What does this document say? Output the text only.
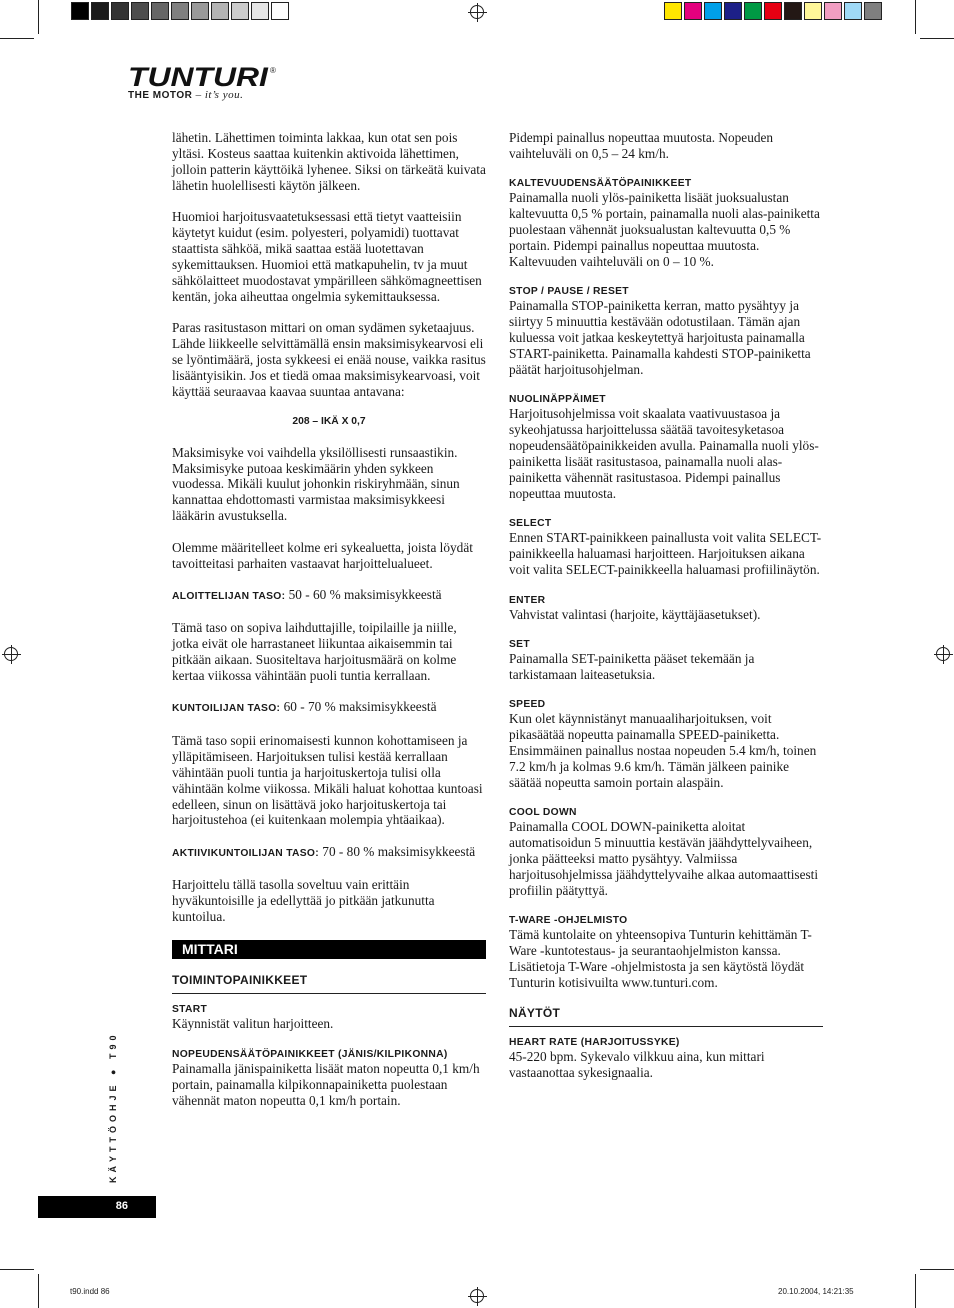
TUNTURI ®
THE MOTOR – it’s you.

lähetin. Lähettimen toiminta lakkaa, kun otat sen pois yltäsi. Kosteus saattaa kuitenkin aktivoida lähettimen, jolloin patterin käyttöikä lyhenee. Siksi on tärkeätä kuivata lähetin huolellisesti käytön jälkeen.

Huomioi harjoitusvaatetuksessasi että tietyt vaatteisiin käytetyt kuidut (esim. polyesteri, polyamidi) tuottavat staattista sähköä, mikä saattaa estää luotettavan sykemittauksen. Huomioi että matkapuhelin, tv ja muut sähkölaitteet muodostavat ympärilleen sähkömagneettisen kentän, joka aiheuttaa ongelmia sykemittauksessa.

Paras rasitustason mittari on oman sydämen syketaajuus. Lähde liikkeelle selvittämällä ensin maksimisykearvosi eli se lyöntimäärä, josta sykkeesi ei enää nouse, vaikka rasitus lisääntyisikin. Jos et tiedä omaa maksimisykearvoasi, voit käyttää seuraavaa kaavaa suuntaa antavana:

208 – IKÄ X 0,7

Maksimisyke voi vaihdella yksilöllisesti runsaastikin. Maksimisyke putoaa keskimäärin yhden sykkeen vuodessa. Mikäli kuulut johonkin riskiryhmään, sinun kannattaa ehdottomasti varmistaa maksimisykkeesi lääkärin avustuksella.

Olemme määritelleet kolme eri sykealuetta, joista löydät tavoitteitasi parhaiten vastaavat harjoittelualueet.

ALOITTELIJAN TASO: 50 - 60 % maksimisykkeestä

Tämä taso on sopiva laihduttajille, toipilaille ja niille, jotka eivät ole harrastaneet liikuntaa aikaisemmin tai pitkään aikaan. Suositeltava harjoitusmäärä on kolme kertaa viikossa vähintään puoli tuntia kerrallaan.

KUNTOILIJAN TASO: 60 - 70 % maksimisykkeestä

Tämä taso sopii erinomaisesti kunnon kohottamiseen ja ylläpitämiseen. Harjoituksen tulisi kestää kerrallaan vähintään puoli tuntia ja harjoituskertoja tulisi olla vähintään kolme viikossa. Mikäli haluat kohottaa kuntoasi edelleen, sinun on lisättävä joko harjoituskertoja tai harjoitustehoa (ei kuitenkaan molempia yhtäaikaa).

AKTIIVIKUNTOILIJAN TASO: 70 - 80 % maksimisykkeestä

Harjoittelu tällä tasolla soveltuu vain erittäin hyväkuntoisille ja edellyttää jo pitkään jatkunutta kuntoilua.

MITTARI
TOIMINTOPAINIKKEET
START
Käynnistät valitun harjoitteen.
NOPEUDENSÄÄTÖPAINIKKEET (JÄNIS/KILPIKONNA)
Painamalla jänispainiketta lisäät maton nopeutta 0,1 km/h portain, painamalla kilpikonnapainiketta puolestaan vähennät maton nopeutta 0,1 km/h portain.

Pidempi painallus nopeuttaa muutosta. Nopeuden vaihteluväli on 0,5 – 24 km/h.

KALTEVUUDENSÄÄTÖPAINIKKEET
Painamalla nuoli ylös-painiketta lisäät juoksualustan kaltevuutta 0,5 % portain, painamalla nuoli alas-painiketta puolestaan vähennät juoksualustan kaltevuutta 0,5 % portain. Pidempi painallus nopeuttaa muutosta. Kaltevuuden vaihteluväli on 0 – 10 %.
STOP / PAUSE / RESET
Painamalla STOP-painiketta kerran, matto pysähtyy ja siirtyy 5 minuuttia kestävään odotustilaan. Tämän ajan kuluessa voit jatkaa keskeytettyä harjoitusta painamalla START-painiketta. Painamalla kahdesti STOP-painiketta päätät harjoitusohjelman.
NUOLINÄPPÄIMET
Harjoitusohjelmissa voit skaalata vaativuustasoa ja sykeohjatussa harjoittelussa säätää tavoitesyketasoa nopeudensäätöpainikkeiden avulla. Painamalla nuoli ylös-painiketta lisäät rasitustasoa, painamalla nuoli alas-painiketta vähennät rasitustasoa. Pidempi painallus nopeuttaa muutosta.
SELECT
Ennen START-painikkeen painallusta voit valita SELECT-painikkeella haluamasi harjoitteen. Harjoituksen aikana voit valita SELECT-painikkeella haluamasi profiilinäytön.
ENTER
Vahvistat valintasi (harjoite, käyttäjäasetukset).
SET
Painamalla SET-painiketta pääset tekemään ja tarkistamaan laiteasetuksia.
SPEED
Kun olet käynnistänyt manuaaliharjoituksen, voit pikasäätää nopeutta painamalla SPEED-painiketta. Ensimmäinen painallus nostaa nopeuden 5.4 km/h, toinen 7.2 km/h ja kolmas 9.6 km/h. Tämän jälkeen painike säätää nopeutta samoin portain alaspäin.
COOL DOWN
Painamalla COOL DOWN-painiketta aloitat automatisoidun 5 minuuttia kestävän jäähdyttelyvaiheen, jonka päätteeksi matto pysähtyy. Valmiissa harjoitusohjelmissa jäähdyttelyvaihe alkaa automaattisesti profiilin päätyttyä.
T-WARE -OHJELMISTO
Tämä kuntolaite on yhteensopiva Tunturin kehittämän T-Ware -kuntotestaus- ja seurantaohjelmiston kanssa. Lisätietoja T-Ware -ohjelmistosta ja sen käytöstä löydät Tunturin kotisivuilta www.tunturi.com.
NÄYTÖT
HEART RATE (HARJOITUSSYKE)
45-220 bpm. Sykevalo vilkkuu aina, kun mittari vastaanottaa sykesignaalia.
KÄYTTÖOHJE ● T90
86
t90.indd 86	20.10.2004, 14:21:35
